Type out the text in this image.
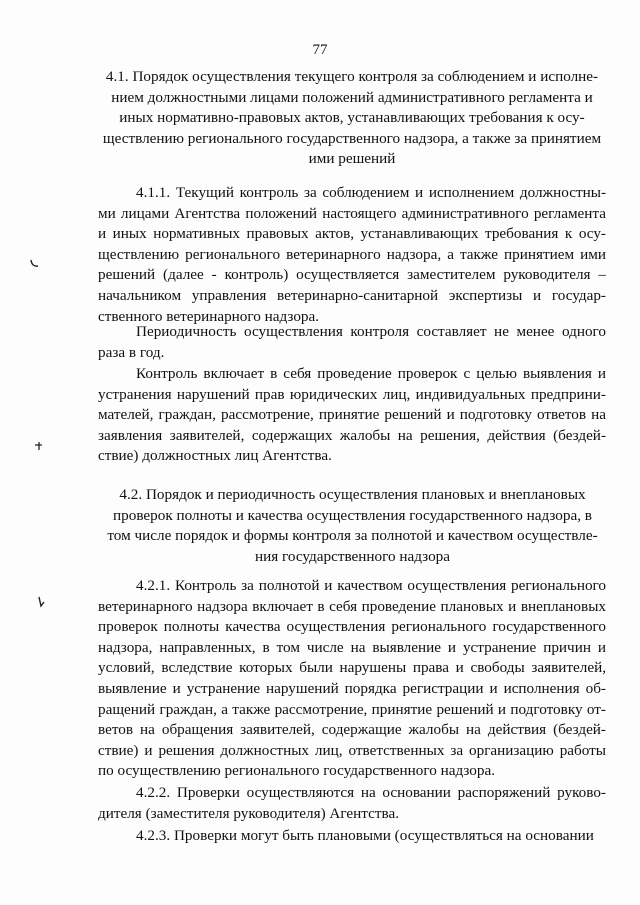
77
4.1. Порядок осуществления текущего контроля за соблюдением и исполне-
нием должностными лицами положений административного регламента и
иных нормативно-правовых актов, устанавливающих требования к осу-
ществлению регионального государственного надзора, а также за принятием
ими решений

4.1.1. Текущий контроль за соблюдением и исполнением должностны-ми лицами Агентства положений настоящего административного регламента и иных нормативных правовых актов, устанавливающих требования к осу-ществлению регионального ветеринарного надзора, а также принятием ими решений (далее - контроль) осуществляется заместителем руководителя – начальником управления ветеринарно-санитарной экспертизы и государ-ственного ветеринарного надзора.

Периодичность осуществления контроля составляет не менее одного раза в год.

Контроль включает в себя проведение проверок с целью выявления и устранения нарушений прав юридических лиц, индивидуальных предприни-мателей, граждан, рассмотрение, принятие решений и подготовку ответов на заявления заявителей, содержащих жалобы на решения, действия (бездей-ствие) должностных лиц Агентства.

4.2. Порядок и периодичность осуществления плановых и внеплановых
проверок полноты и качества осуществления государственного надзора, в
том числе порядок и формы контроля за полнотой и качеством осуществле-
ния государственного надзора

4.2.1. Контроль за полнотой и качеством осуществления регионального ветеринарного надзора включает в себя проведение плановых и внеплановых проверок полноты качества осуществления регионального государственного надзора, направленных, в том числе на выявление и устранение причин и условий, вследствие которых были нарушены права и свободы заявителей, выявление и устранение нарушений порядка регистрации и исполнения об-ращений граждан, а также рассмотрение, принятие решений и подготовку от-ветов на обращения заявителей, содержащие жалобы на действия (бездей-ствие) и решения должностных лиц, ответственных за организацию работы по осуществлению регионального государственного надзора.

4.2.2. Проверки осуществляются на основании распоряжений руково-дителя (заместителя руководителя) Агентства.

4.2.3. Проверки могут быть плановыми (осуществляться на основании
